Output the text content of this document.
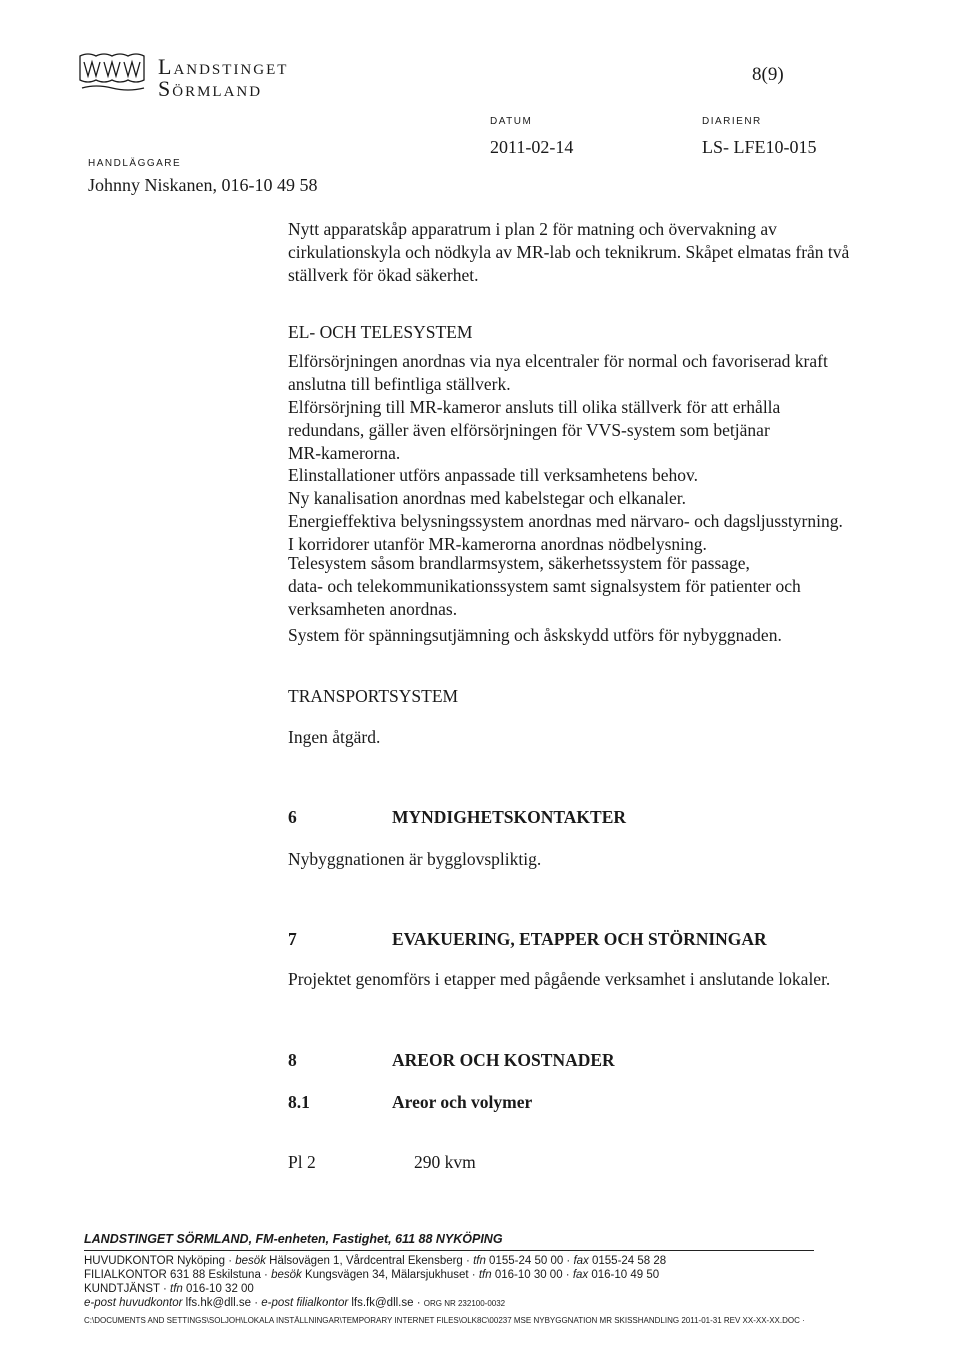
Landstinget
Sörmland
8(9)
DATUM
2011-02-14
DIARIENR
LS- LFE10-015
HANDLÄGGARE
Johnny Niskanen, 016-10 49 58
Nytt apparatskåp apparatrum i plan 2 för matning och övervakning av
cirkulationskyla och nödkyla av MR-lab och teknikrum. Skåpet elmatas från två
ställverk för ökad säkerhet.
EL- OCH TELESYSTEM
Elförsörjningen anordnas via nya elcentraler för normal och favoriserad kraft
anslutna till befintliga ställverk.
Elförsörjning till MR-kameror ansluts till olika ställverk för att erhålla
redundans, gäller även elförsörjningen för VVS-system som betjänar
MR-kamerorna.
Elinstallationer utförs anpassade till verksamhetens behov.
Ny kanalisation anordnas med kabelstegar och elkanaler.
Energieffektiva belysningssystem anordnas med närvaro- och dagsljusstyrning.
I korridorer utanför MR-kamerorna anordnas nödbelysning.
Telesystem såsom brandlarmsystem, säkerhetssystem för passage,
data- och telekommunikationssystem samt signalsystem för patienter och
verksamheten anordnas.
System för spänningsutjämning och åskskydd utförs för nybyggnaden.
TRANSPORTSYSTEM
Ingen åtgärd.
6	MYNDIGHETSKONTAKTER
Nybyggnationen är bygglovspliktig.
7	EVAKUERING, ETAPPER OCH STÖRNINGAR
Projektet genomförs i etapper med pågående verksamhet i anslutande lokaler.
8	AREOR OCH KOSTNADER
8.1	Areor och volymer
Pl 2	290 kvm
LANDSTINGET SÖRMLAND, FM-enheten, Fastighet, 611 88 NYKÖPING
HUVUDKONTOR Nyköping · besök Hälsovägen 1, Vårdcentral Ekensberg · tfn 0155-24 50 00 · fax 0155-24 58 28
FILIALKONTOR 631 88 Eskilstuna · besök Kungsvägen 34, Mälarsjukhuset · tfn 016-10 30 00 · fax 016-10 49 50
KUNDTJÄNST · tfn 016-10 32 00
e-post huvudkontor lfs.hk@dll.se · e-post filialkontor lfs.fk@dll.se · ORG NR 232100-0032
C:\DOCUMENTS AND SETTINGS\SOLJOH\LOKALA INSTÄLLNINGAR\TEMPORARY INTERNET FILES\OLK8C\00237 MSE NYBYGGNATION MR SKISSHANDLING 2011-01-31 REV XX-XX-XX.DOC ·
